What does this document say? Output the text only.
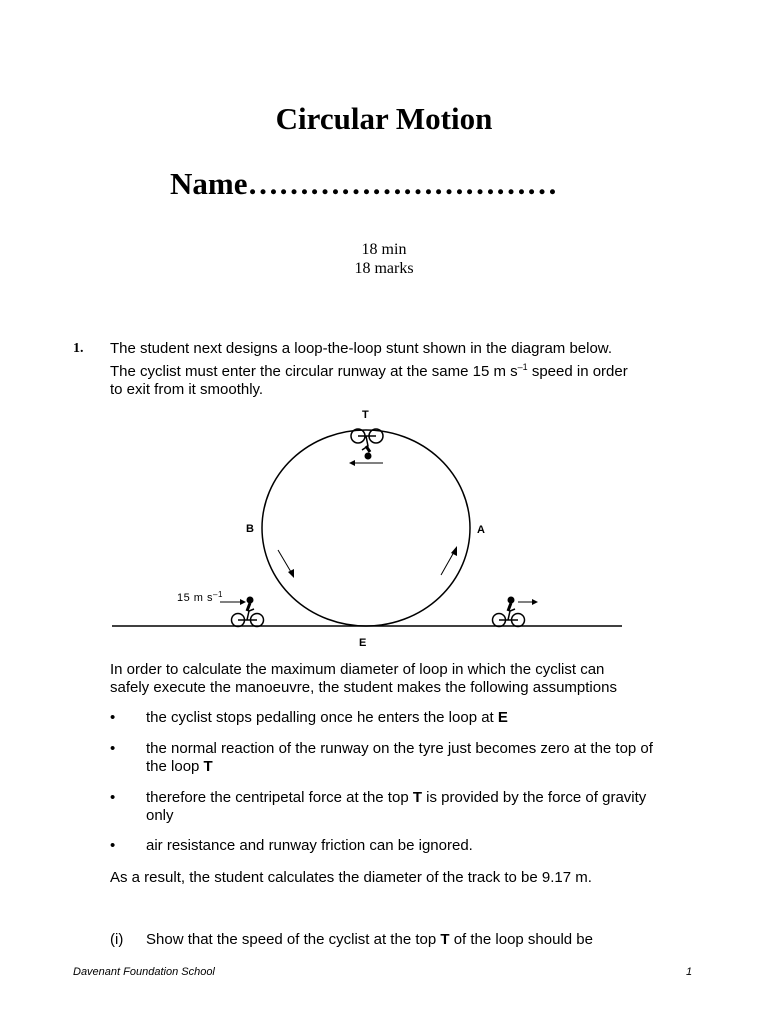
Circular Motion
Name…………………………
18 min
18 marks
1. The student next designs a loop-the-loop stunt shown in the diagram below.
The cyclist must enter the circular runway at the same 15 m $s^{-1}$ speed in order
to exit from it smoothly.
T
B	A
E
15 m $s^{-1}$
In order to calculate the maximum diameter of loop in which the cyclist can
safely execute the manoeuvre, the student makes the following assumptions
• the cyclist stops pedalling once he enters the loop at E
• the normal reaction of the runway on the tyre just becomes zero at the top of the loop T
• therefore the centripetal force at the top T is provided by the force of gravity only
• air resistance and runway friction can be ignored.
As a result, the student calculates the diameter of the track to be 9.17 m.
(i) Show that the speed of the cyclist at the top T of the loop should be
Davenant Foundation School	1
